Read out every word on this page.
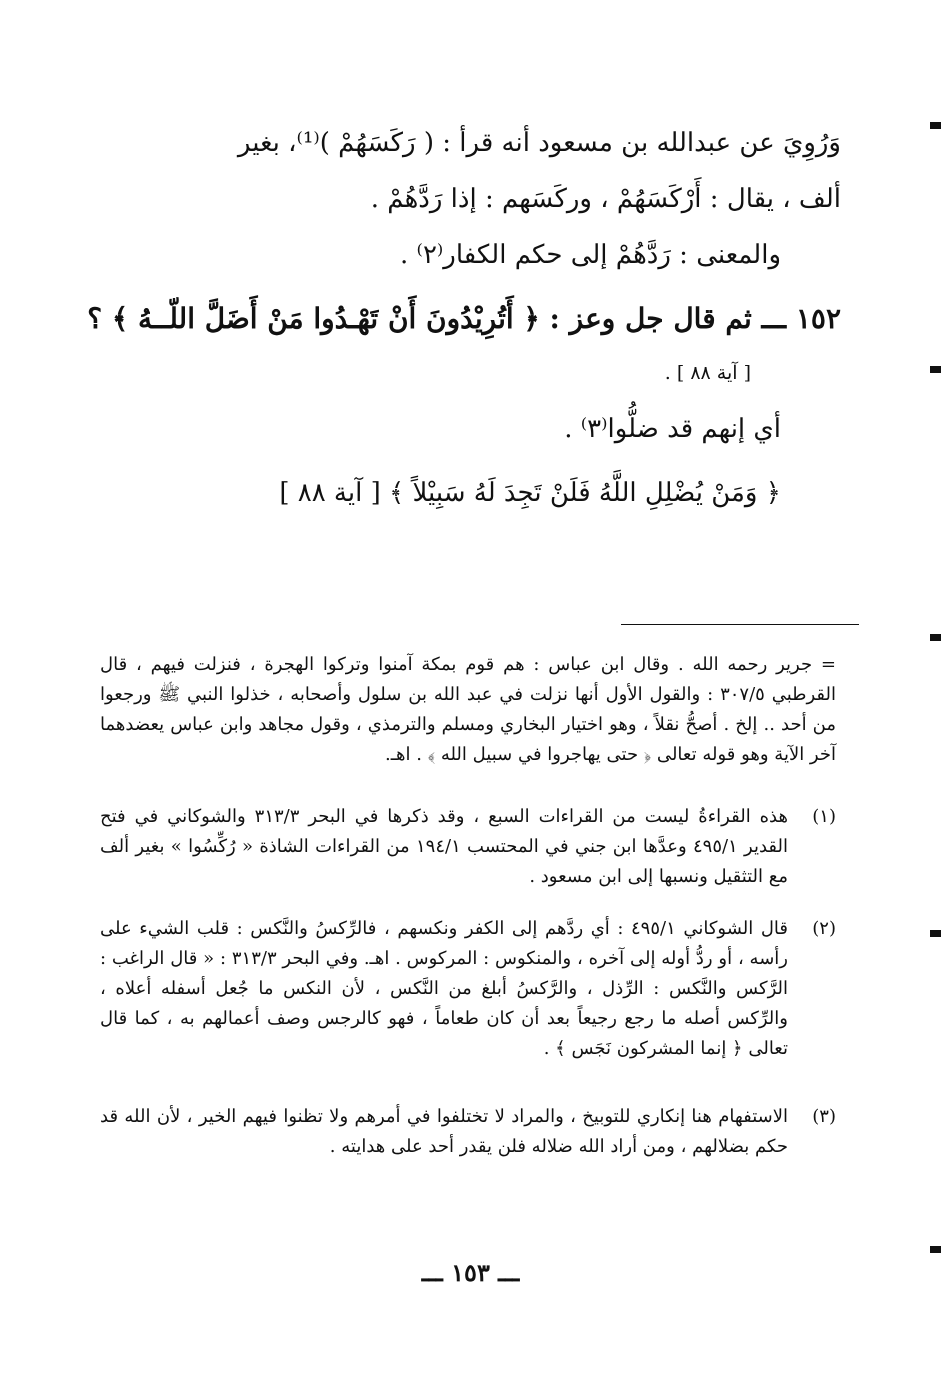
وَرُوِيَ عن عبدالله بن مسعود أنه قرأ : ( رَكَسَهُمْ )⁽¹⁾، بغير
ألف ، يقال : أَرْكَسَهُمْ ، وركَسَهم : إذا رَدَّهُمْ .
والمعنى : رَدَّهُمْ إلى حكم الكفار⁽٢⁾ .
١٥٢ ـــ ثم قال جل وعز : ﴿ أَتُرِيْدُونَ أَنْ تَهْـدُوا مَنْ أَضَلَّ اللّــهُ ﴾ ؟
[ آية ٨٨ ] .
أي إنهم قد ضلُّوا⁽٣⁾ .
﴿ وَمَنْ يُضْلِلِ اللَّهُ فَلَنْ تَجِدَ لَهُ سَبِيْلاً ﴾ [ آية ٨٨ ]
= جرير رحمه الله . وقال ابن عباس : هم قوم بمكة آمنوا وتركوا الهجرة ، فنزلت فيهم ، قال القرطبي ٣٠٧/٥ : والقول الأول أنها نزلت في عبد الله بن سلول وأصحابه ، خذلوا النبي ﷺ ورجعوا من أحد .. إلخ . أصحُّ نقلاً ، وهو اختيار البخاري ومسلم والترمذي ، وقول مجاهد وابن عباس يعضدهما آخر الآية وهو قوله تعالى ﴿ حتى يهاجروا في سبيل الله ﴾ . اهـ.
(١)
هذه القراءةُ ليست من القراءات السبع ، وقد ذكرها في البحر ٣١٣/٣ والشوكاني في فتح القدير ٤٩٥/١ وعدَّها ابن جني في المحتسب ١٩٤/١ من القراءات الشاذة « رُكِّسُوا » بغير ألف مع التثقيل ونسبها إلى ابن مسعود .
(٢)
قال الشوكاني ٤٩٥/١ : أي ردَّهم إلى الكفر ونكسهم ، فالرِّكسُ والنَّكس : قلب الشيء على رأسه ، أو ردُّ أوله إلى آخره ، والمنكوس : المركوس . اهـ. وفي البحر ٣١٣/٣ : « قال الراغب : الرَّكس والنَّكس : الرِّذل ، والرَّكسُ أبلغ من النَّكس ، لأن النكس ما جُعل أسفله أعلاه ، والرِّكس أصله ما رجع رجيعاً بعد أن كان طعاماً ، فهو كالرجس وصف أعمالهم به ، كما قال تعالى ﴿ إنما المشركون نَجَس ﴾ .
(٣)
الاستفهام هنا إنكاري للتوبيخ ، والمراد لا تختلفوا في أمرهم ولا تظنوا فيهم الخير ، لأن الله قد حكم بضلالهم ، ومن أراد الله ضلاله فلن يقدر أحد على هدايته .
ـــ ١٥٣ ـــ
